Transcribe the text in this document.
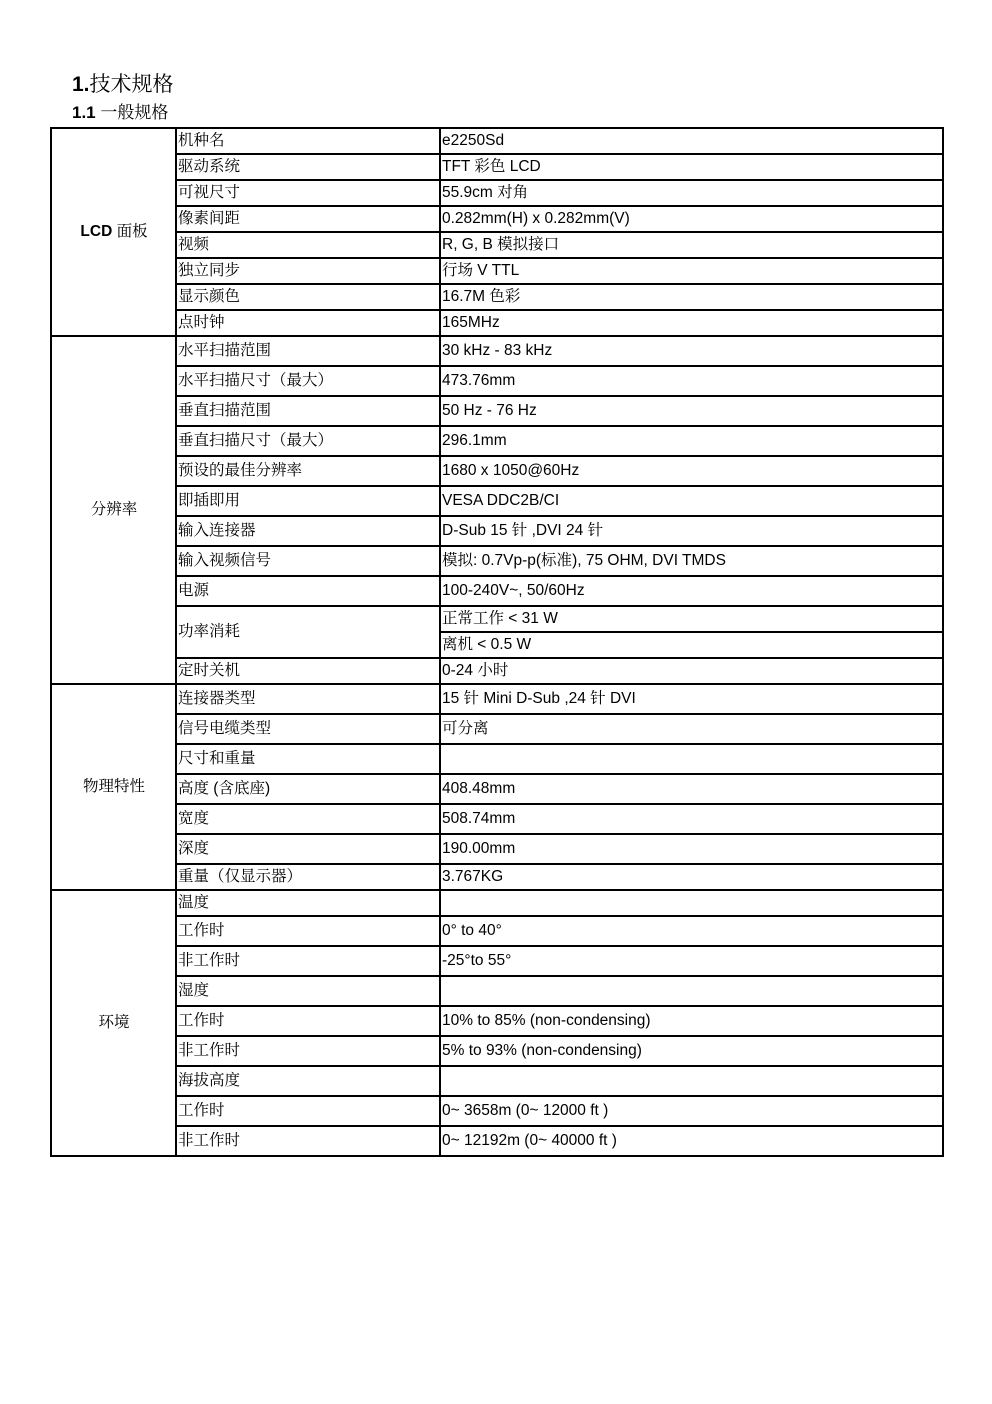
1.技术规格
1.1 一般规格
LCD 面板	机种名	e2250Sd
	驱动系统	TFT 彩色 LCD
	可视尺寸	55.9cm 对角
	像素间距	0.282mm(H) x 0.282mm(V)
	视频	R, G, B 模拟接口
	独立同步	行场 V TTL
	显示颜色	16.7M 色彩
	点时钟	165MHz
分辨率	水平扫描范围	30 kHz - 83 kHz
	水平扫描尺寸（最大）	473.76mm
	垂直扫描范围	50 Hz - 76 Hz
	垂直扫描尺寸（最大）	296.1mm
	预设的最佳分辨率	1680 x 1050@60Hz
	即插即用	VESA DDC2B/CI
	输入连接器	D-Sub 15 针 ,DVI 24 针
	输入视频信号	模拟: 0.7Vp-p(标准), 75 OHM, DVI TMDS
	电源	100-240V~, 50/60Hz
	功率消耗	正常工作 < 31 W
		离机 < 0.5 W
	定时关机	0-24 小时
物理特性	连接器类型	15 针 Mini D-Sub ,24 针 DVI
	信号电缆类型	可分离
	尺寸和重量	
	高度 (含底座)	408.48mm
	宽度	508.74mm
	深度	190.00mm
	重量（仅显示器）	3.767KG
环境	温度	
	工作时	0° to 40°
	非工作时	-25°to 55°
	湿度	
	工作时	10% to 85% (non-condensing)
	非工作时	5% to 93% (non-condensing)
	海拔高度	
	工作时	0~ 3658m (0~ 12000 ft )
	非工作时	0~ 12192m (0~ 40000 ft )
